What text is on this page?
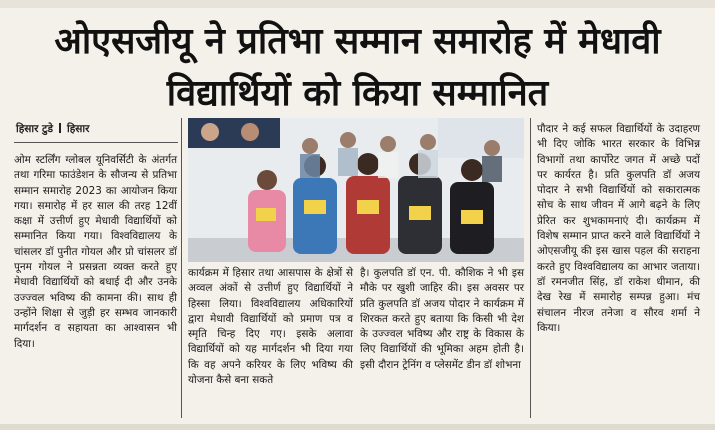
ओएसजीयू ने प्रतिभा सम्मान समारोह में मेधावी
विद्यार्थियों को किया सम्मानित
हिसार टुडे हिसार

ओम स्टर्लिंग ग्लोबल यूनिवर्सिटी के अंतर्गत तथा गरिमा फाउंडेशन के सौजन्य से प्रतिभा सम्मान समारोह 2023 का आयोजन किया गया। समारोह में हर साल की तरह 12वीं कक्षा में उत्तीर्ण हुए मेधावी विद्यार्थियों को सम्मानित किया गया। विश्वविद्यालय के चांसलर डॉ पुनीत गोयल और प्रो चांसलर डॉ पूनम गोयल ने प्रसन्नता व्यक्त करते हुए मेधावी विद्यार्थियों को बधाई दी और उनके उज्ज्वल भविष्य की कामना की। साथ ही उन्होंने शिक्षा से जुड़ी हर सम्भव जानकारी मार्गदर्शन व सहायता का आश्वासन भी दिया।

कार्यक्रम में हिसार तथा आसपास के क्षेत्रों से अव्वल अंकों से उत्तीर्ण हुए विद्यार्थियों ने हिस्सा लिया। विश्वविद्यालय अधिकारियों द्वारा मेधावी विद्यार्थियों को प्रमाण पत्र व स्मृति चिन्ह दिए गए। इसके अलावा विद्यार्थियों को यह मार्गदर्शन भी दिया गया कि वह अपने करियर के लिए भविष्य की योजना कैसे बना सकते

है। कुलपति डॉ एन. पी. कौशिक ने भी इस मौके पर खुशी जाहिर की। इस अवसर पर प्रति कुलपति डॉ अजय पोदार ने कार्यक्रम में शिरकत करते हुए बताया कि किसी भी देश के उज्ज्वल भविष्य और राष्ट्र के विकास के लिए विद्यार्थियों की भूमिका अहम होती है। इसी दौरान ट्रेनिंग व प्लेसमेंट डीन डॉ शोभना

पौदार ने कई सफल विद्यार्थियों के उदाहरण भी दिए जोकि भारत सरकार के विभिन्न विभागों तथा कार्पोरेट जगत में अच्छे पदों पर कार्यरत है। प्रति कुलपति डॉ अजय पोदार ने सभी विद्यार्थियों को सकारात्मक सोच के साथ जीवन में आगे बढ़ने के लिए प्रेरित कर शुभकामनाएं दी। कार्यक्रम में विशेष सम्मान प्राप्त करने वाले विद्यार्थियों ने ओएसजीयू की इस खास पहल की सराहना करते हुए विश्वविद्यालय का आभार जताया। डॉ रमनजीत सिंह, डॉ राकेश धीमान, की देख रेख में समारोह सम्पन्न हुआ। मंच संचालन नीरज तनेजा व सौरव शर्मा ने किया।
